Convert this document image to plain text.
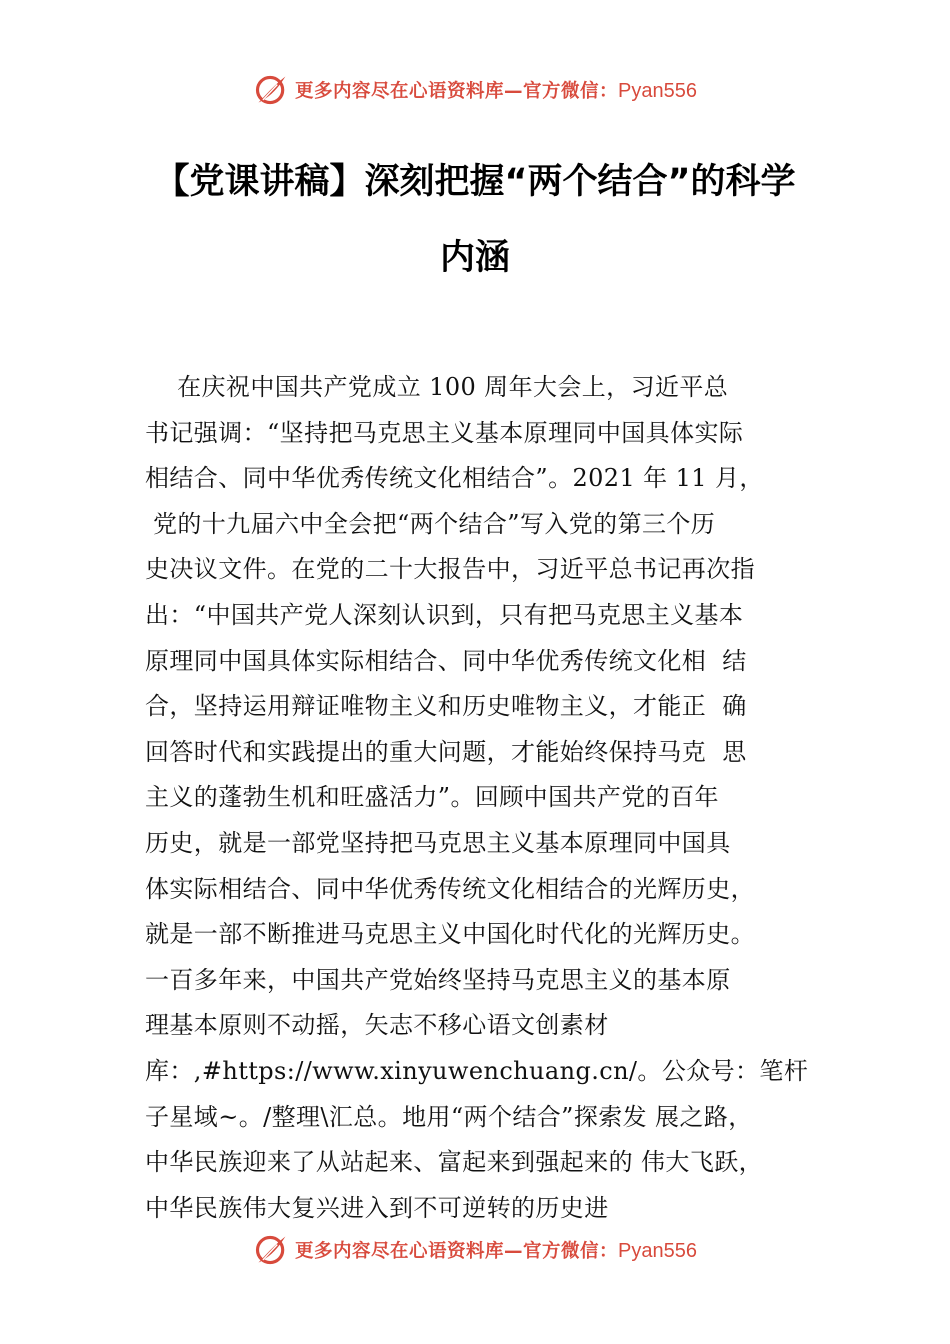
更多内容尽在心语资料库—官方微信：Pyan556
【党课讲稿】深刻把握“两个结合”的科学
内涵
在庆祝中国共产党成立 100 周年大会上，习近平总
书记强调：“坚持把马克思主义基本原理同中国具体实际
相结合、同中华优秀传统文化相结合”。2021 年 11 月，
党的十九届六中全会把“两个结合”写入党的第三个历
史决议文件。在党的二十大报告中，习近平总书记再次指
出：“中国共产党人深刻认识到，只有把马克思主义基本
原理同中国具体实际相结合、同中华优秀传统文化相  结
合，坚持运用辩证唯物主义和历史唯物主义，才能正  确
回答时代和实践提出的重大问题，才能始终保持马克  思
主义的蓬勃生机和旺盛活力”。回顾中国共产党的百年
历史，就是一部党坚持把马克思主义基本原理同中国具
体实际相结合、同中华优秀传统文化相结合的光辉历史，
就是一部不断推进马克思主义中国化时代化的光辉历史。
一百多年来，中国共产党始终坚持马克思主义的基本原
理基本原则不动摇，矢志不移心语文创素材
库：,#https://www.xinyuwenchuang.cn/。公众号：笔杆
子星域~。/整理\汇总。地用“两个结合”探索发 展之路，
中华民族迎来了从站起来、富起来到强起来的 伟大飞跃，
中华民族伟大复兴进入到不可逆转的历史进
更多内容尽在心语资料库—官方微信：Pyan556
